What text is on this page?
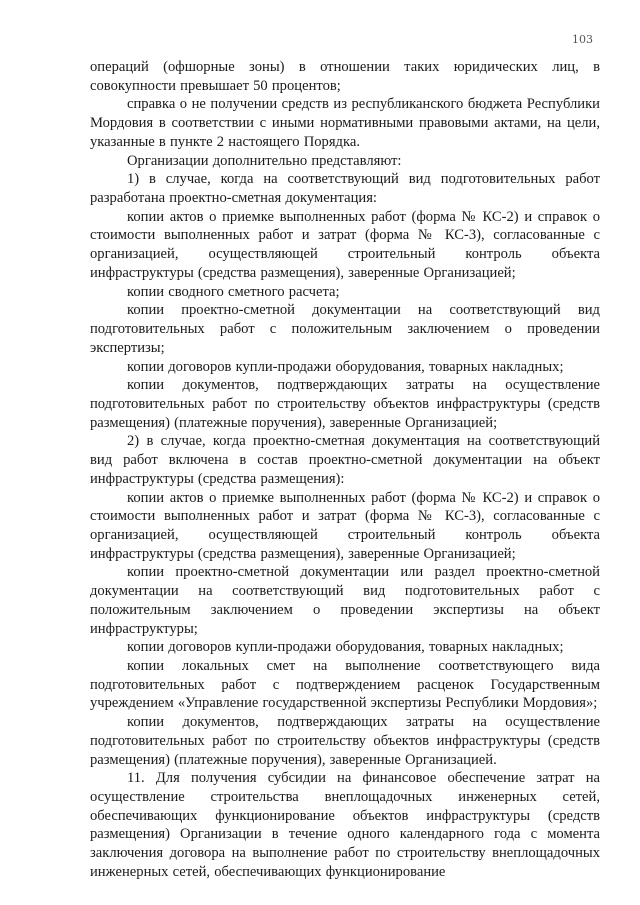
103

операций (офшорные зоны) в отношении таких юридических лиц, в совокупности превышает 50 процентов;

справка о не получении средств из республиканского бюджета Республики Мордовия в соответствии с иными нормативными правовыми актами, на цели, указанные в пункте 2 настоящего Порядка.

Организации дополнительно представляют:

1) в случае, когда на соответствующий вид подготовительных работ разработана проектно-сметная документация:

копии актов о приемке выполненных работ (форма № КС-2) и справок о стоимости выполненных работ и затрат (форма № КС-3), согласованные с организацией, осуществляющей строительный контроль объекта инфраструктуры (средства размещения), заверенные Организацией;

копии сводного сметного расчета;

копии проектно-сметной документации на соответствующий вид подготовительных работ с положительным заключением о проведении экспертизы;

копии договоров купли-продажи оборудования, товарных накладных;

копии документов, подтверждающих затраты на осуществление подготовительных работ по строительству объектов инфраструктуры (средств размещения) (платежные поручения), заверенные Организацией;

2) в случае, когда проектно-сметная документация на соответствующий вид работ включена в состав проектно-сметной документации на объект инфраструктуры (средства размещения):

копии актов о приемке выполненных работ (форма № КС-2) и справок о стоимости выполненных работ и затрат (форма № КС-3), согласованные с организацией, осуществляющей строительный контроль объекта инфраструктуры (средства размещения), заверенные Организацией;

копии проектно-сметной документации или раздел проектно-сметной документации на соответствующий вид подготовительных работ с положительным заключением о проведении экспертизы на объект инфраструктуры;

копии договоров купли-продажи оборудования, товарных накладных;

копии локальных смет на выполнение соответствующего вида подготовительных работ с подтверждением расценок Государственным учреждением «Управление государственной экспертизы Республики Мордовия»;

копии документов, подтверждающих затраты на осуществление подготовительных работ по строительству объектов инфраструктуры (средств размещения) (платежные поручения), заверенные Организацией.

11. Для получения субсидии на финансовое обеспечение затрат на осуществление строительства внеплощадочных инженерных сетей, обеспечивающих функционирование объектов инфраструктуры (средств размещения) Организации в течение одного календарного года с момента заключения договора на выполнение работ по строительству внеплощадочных инженерных сетей, обеспечивающих функционирование
